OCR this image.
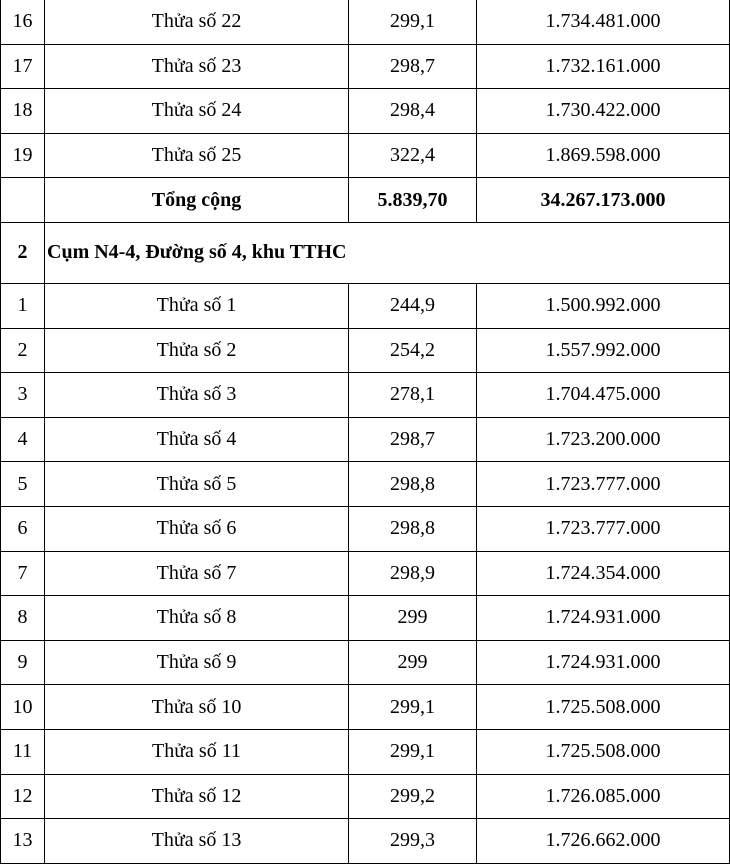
16	Thửa số 22	299,1	1.734.481.000
17	Thửa số 23	298,7	1.732.161.000
18	Thửa số 24	298,4	1.730.422.000
19	Thửa số 25	322,4	1.869.598.000
	Tổng cộng	5.839,70	34.267.173.000
2	Cụm N4-4, Đường số 4, khu TTHC		
1	Thửa số 1	244,9	1.500.992.000
2	Thửa số 2	254,2	1.557.992.000
3	Thửa số 3	278,1	1.704.475.000
4	Thửa số 4	298,7	1.723.200.000
5	Thửa số 5	298,8	1.723.777.000
6	Thửa số 6	298,8	1.723.777.000
7	Thửa số 7	298,9	1.724.354.000
8	Thửa số 8	299	1.724.931.000
9	Thửa số 9	299	1.724.931.000
10	Thửa số 10	299,1	1.725.508.000
11	Thửa số 11	299,1	1.725.508.000
12	Thửa số 12	299,2	1.726.085.000
13	Thửa số 13	299,3	1.726.662.000
